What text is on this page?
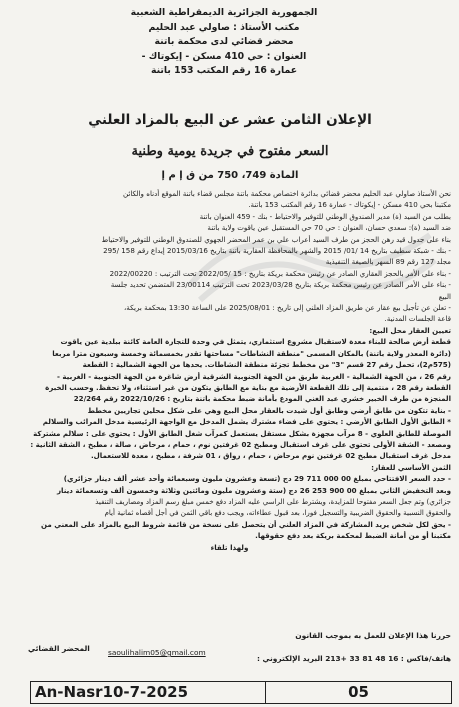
الجمهورية الجزائرية الديمقراطية الشعبية
مكتب الأستاذ : صاولي عبد الحليم
محضر قضائي لدى محكمة باتنة
العنوان : حي 410 مسكن - إيكوتاك -
عمارة 16 رقم المكتب 153 باتنة
الإعلان الثامن عشر عن البيع بالمزاد العلني
السعر مفتوح في جريدة يومية وطنية
المادة 749، 750 من ق إ م إ

نحن الأستاذ صاولي عبد الحليم محضر قضائي بدائرة اختصاص محكمة باتنة مجلس قضاء باتنة الموقع أدناه والكائن

مكتبنا بحي 410 مسكن - إيكوتاك - عمارة 16 رقم المكتب 153 باتنة.

بطلب من السيد (ة) مدير الصندوق الوطني للتوفير والاحتياط - بنك - 459 العنوان باتنة

ضد السيد (ة): سعدي حسان، العنوان : حي 70 حي المستقبل عين ياقوت ولاية باتنة

بناء على جدول قيد رهن الحجز من طرف السيد أعراب علي بن عمر المحضر الجهوي للصندوق الوطني للتوفير والاحتياط

- بنك - شبكة سطيف بتاريخ 14 /01/ 2015 والشهر بالمحافظة العقارية باتنة بتاريخ 2015/03/16 إيداع رقم 158 /295

مجلد 127 رقم 89 السهر بالصيغة التنفيذية

- بناء على الأمر بالحجز العقاري الصادر عن رئيس محكمة بريكة بتاريخ : 15 /2022/05 تحت الترتيب : 2022/00220

- بناء على الأمر الصادر عن رئيس محكمة بريكة بتاريخ 2023/03/28 تحت الترتيب 23/00114 المتضمن تحديد جلسة

البيع

- تعلن عن تأجيل بيع عقار عن طريق المزاد العلني إلى تاريخ : 2025/08/01 على الساعة 13:30 بمحكمة بريكة،

قاعة الجلسات المدنية.

تعيين العقار محل البيع:

قطعة أرض صالحة للبناء معدة لاستقبال مشروع استثماري، يتمثل في وحدة للتجارة العامة كائنة ببلدية عين ياقوت

(دائرة المعذر ولاية باتنة) بالمكان المسمى "منطقة النشاطات" مساحتها تقدر بخمسمائة وخمسة وسبعون مترا مربعا

(575م2)، تحمل رقم 27 قسم "3" من مخطط تجزئة منطقة النشاطات. يحدها من الجهة الشمالية : القطعة

رقم 26 ، من الجهة الشمالية - الغربية طريق من الجهة الجنوبية الشرقية أرض شاغرة من الجهة الجنوبية - الغربية -

القطعة رقم 28 ، منتمية إلى تلك القطعة الأرضية مع بناية مع الطابق يتكون من غير استثناء، ولا تحفظ. وحسب الخبرة

المنجزة من طرف الخبير خشري عبد الغني المودع بأمانة ضبط محكمة باتنة بتاريخ : 2022/10/26 رقم 22/264

- بناية تتكون من طابق أرضي وطابق أول شيدت بالعقار محل البيع وهي على شكل محلين تجاريين مخطط

* الطابق الأول الطابق الأرضي : يحتوي على فضاء مشترك يشمل المدخل مع الواجهة الرئيسية مدخل المرائب والسلالم

الموصلة للطابق العلوي - 8 مرآب مجهزة بشكل مستقل يستعمل كمرآب شغل الطابق الأول : يحتوي على : سلالم مشتركة

ومصعد - الشقة الأولى تحتوي على غرف استقبال ومطبخ 02 غرفتين نوم ، حمام ، مرحاض ، صالة ، مطبخ ، الشقة الثانية :

مدخل غرف استقبال مطبخ 02 غرفتين نوم مرحاض ، حمام ، رواق ، 01 شرفة ، مطبخ ، معدة للاستعمال.

الثمن الأساسي للعقار:

- حدد السعر الافتتاحي بمبلغ 00 000 711 29 دج (تسعة وعشرون مليون وسبعمائة وأحد عشر ألف دينار جزائري)

وبعد التخفيض الثاني بمبلغ 00 900 253 26 دج (ستة وعشرون مليون ومائتين وثلاثة وخمسون ألف وتسعمائة دينار

جزائري) وتم جعل السعر مفتوحا للمزايدة، ويشترط على الراسي عليه المزاد دفع خمس مبلغ رسم المزاد ومصاريف التنفيذ

والحقوق النسبية والحقوق الضريبية والتسجيل فورا، بعد قبول عطاءاته، ويجب دفع باقي الثمن في أجل أقصاه ثمانية أيام

- يحق لكل شخص يريد المشاركة في المزاد العلني أن يتحصل على نسخة من قائمة شروط البيع بالمزاد على المعني من

مكتبنا أو من أمانة الضبط لمحكمة بريكة بعد دفع حقوقها.

ولهذا تلقاء

حررنا هذا الإعلان للعمل به بموجب القانون
المحضر القضائي
هاتف/فاكس : 16 48 81 33 +213 البريد الإلكتروني :
saoulihalim05@gmail.com
An-Nasr10-7-2025	05
